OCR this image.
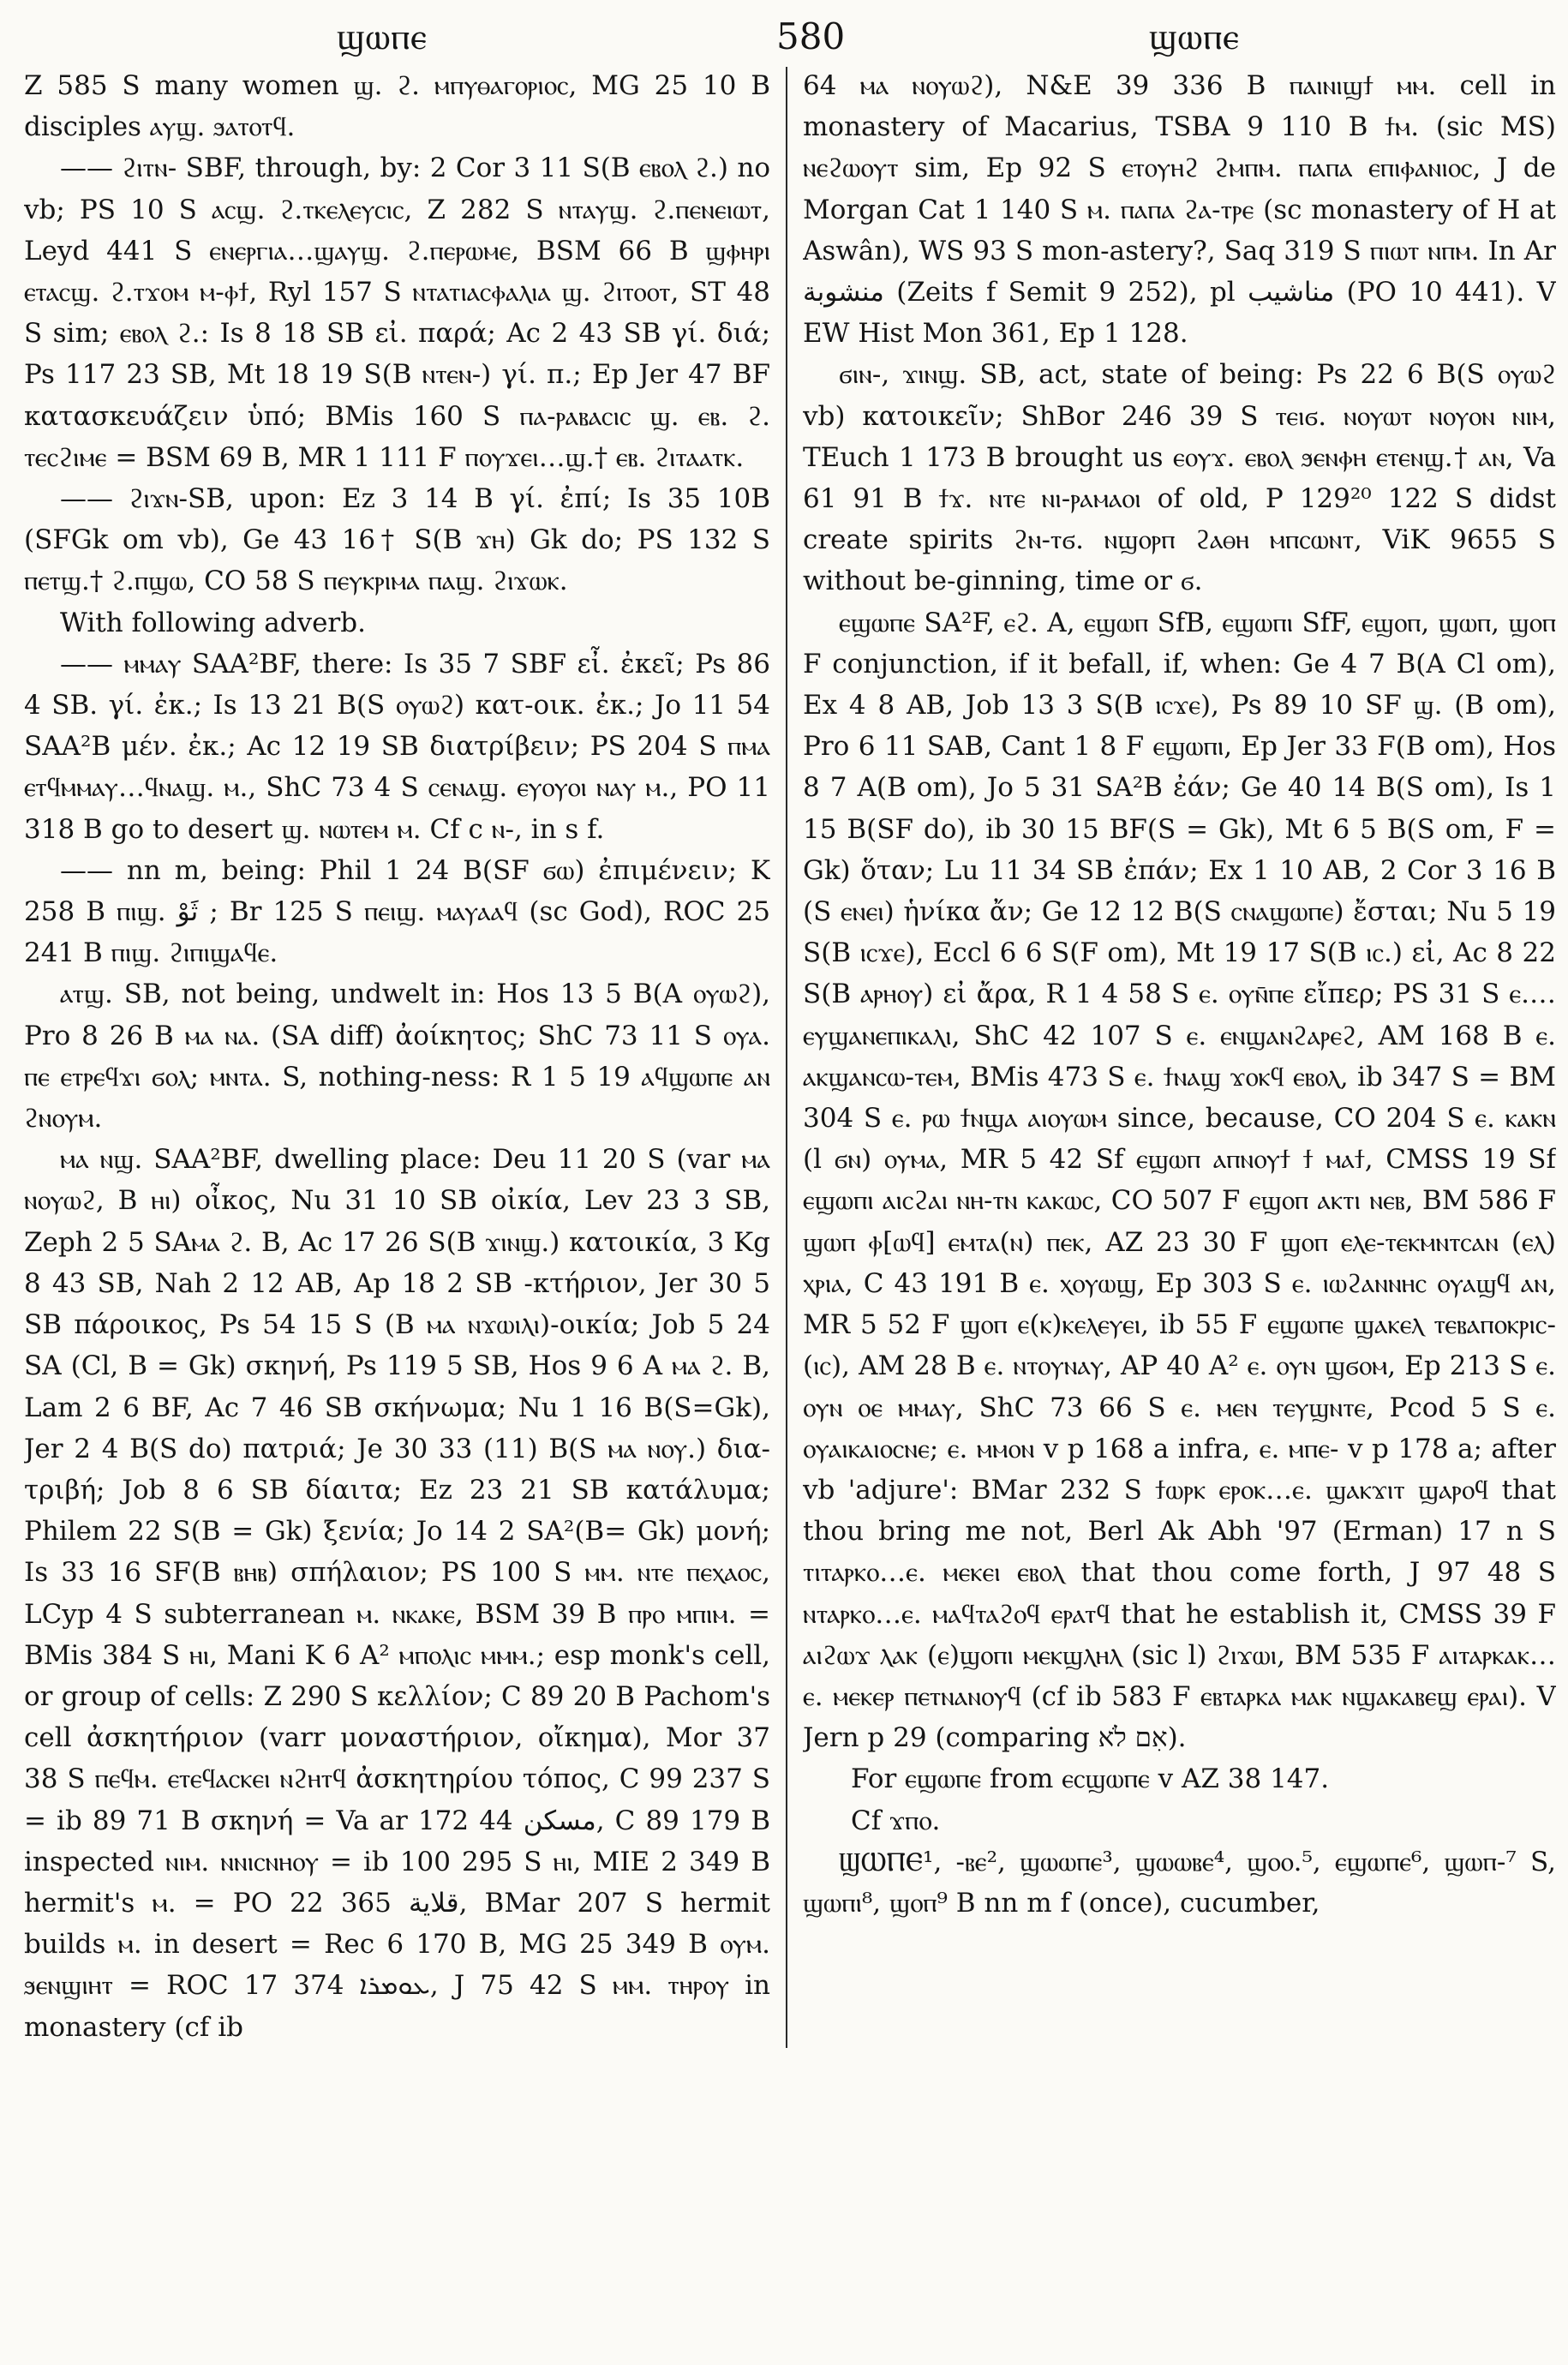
ϣⲱⲡⲉ	580	ϣⲱⲡⲉ

Z 585 S many women ϣ. ϩ. ⲙⲡⲩⲑⲁⲅⲟⲣⲓⲟⲥ, MG 25 10 B disciples ⲁⲩϣ. ϧⲁⲧⲟⲧϥ.

—— ϩⲓⲧⲛ- SBF, through, by: 2 Cor 3 11 S(B ⲉⲃⲟⲗ ϩ.) no vb; PS 10 S ⲁⲥϣ. ϩ.ⲧⲕⲉⲗⲉⲩⲥⲓⲥ, Z 282 S ⲛⲧⲁⲩϣ. ϩ.ⲡⲉⲛⲉⲓⲱⲧ, Leyd 441 S ⲉⲛⲉⲣⲅⲓⲁ…ϣⲁⲩϣ. ϩ.ⲡⲉⲣⲱⲙⲉ, BSM 66 B ϣⲫⲏⲣⲓ ⲉⲧⲁⲥϣ. ϩ.ⲧϫⲟⲙ ⲙ-ⲫϯ, Ryl 157 S ⲛⲧⲁⲧⲓⲁⲥⲫⲁⲗⲓⲁ ϣ. ϩⲓⲧⲟⲟⲧ, ST 48 S sim; ⲉⲃⲟⲗ ϩ.: Is 8 18 SB εἰ. παρά; Ac 2 43 SB γί. διά; Ps 117 23 SB, Mt 18 19 S(B ⲛⲧⲉⲛ-) γί. π.; Ep Jer 47 BF κατασκευάζειν ὑπό; BMis 160 S ⲡⲁ-ⲣⲁⲃⲁⲥⲓⲥ ϣ. ⲉⲃ. ϩ. ⲧⲉⲥϩⲓⲙⲉ = BSM 69 B, MR 1 111 F ⲡⲟⲩϫⲉⲓ…ϣ.† ⲉⲃ. ϩⲓⲧⲁⲁⲧⲕ.

—— ϩⲓϫⲛ-SB, upon: Ez 3 14 B γί. ἐπί; Is 35 10B (SFGk om vb), Ge 43 16† S(B ϫⲏ) Gk do; PS 132 S ⲡⲉⲧϣ.† ϩ.ⲡϣⲱ, CO 58 S ⲡⲉⲩⲕⲣⲓⲙⲁ ⲡⲁϣ. ϩⲓϫⲱⲕ.

With following adverb.

—— ⲙⲙⲁⲩ SAA²BF, there: Is 35 7 SBF εἶ. ἐκεῖ; Ps 86 4 SB. γί. ἐκ.; Is 13 21 B(S ⲟⲩⲱϩ) κατ-οικ. ἐκ.; Jo 11 54 SAA²B μέν. ἐκ.; Ac 12 19 SB διατρίβειν; PS 204 S ⲡⲙⲁ ⲉⲧϥⲙⲙⲁⲩ…ϥⲛⲁϣ. ⲙ., ShC 73 4 S ⲥⲉⲛⲁϣ. ⲉⲩⲟⲩⲟⲓ ⲛⲁⲩ ⲙ., PO 11 318 B go to desert ϣ. ⲛⲱⲧⲉⲙ ⲙ. Cf c ⲛ-, in s f.

—— nn m, being: Phil 1 24 B(SF ϭⲱ) ἐπιμένειν; K 258 B ⲡⲓϣ. ثَوْ ; Br 125 S ⲡⲉⲓϣ. ⲙⲁⲩⲁⲁϥ (sc God), ROC 25 241 B ⲡⲓϣ. ϩⲓⲡⲓϣⲁϥⲉ.

ⲁⲧϣ. SB, not being, undwelt in: Hos 13 5 B(A ⲟⲩⲱϩ), Pro 8 26 B ⲙⲁ ⲛⲁ. (SA diff) ἀοίκητος; ShC 73 11 S ⲟⲩⲁ. ⲡⲉ ⲉⲧⲣⲉϥϫⲓ ϭⲟⲗ; ⲙⲛⲧⲁ. S, nothing-ness: R 1 5 19 ⲁϥϣⲱⲡⲉ ⲁⲛ ϩⲛⲟⲩⲙ.

ⲙⲁ ⲛϣ. SAA²BF, dwelling place: Deu 11 20 S (var ⲙⲁ ⲛⲟⲩⲱϩ, B ⲏⲓ) οἶκος, Nu 31 10 SB οἰκία, Lev 23 3 SB, Zeph 2 5 SAⲙⲁ ϩ. B, Ac 17 26 S(B ϫⲓⲛϣ.) κατοικία, 3 Kg 8 43 SB, Nah 2 12 AB, Ap 18 2 SB -κτήριον, Jer 30 5 SB πάροικος, Ps 54 15 S (B ⲙⲁ ⲛϫⲱⲓⲗⲓ)-οικία; Job 5 24 SA (Cl, B = Gk) σκηνή, Ps 119 5 SB, Hos 9 6 A ⲙⲁ ϩ. B, Lam 2 6 BF, Ac 7 46 SB σκήνωμα; Nu 1 16 B(S=Gk), Jer 2 4 B(S do) πατριά; Je 30 33 (11) B(S ⲙⲁ ⲛⲟⲩ.) δια-τριβή; Job 8 6 SB δίαιτα; Ez 23 21 SB κατάλυμα; Philem 22 S(B = Gk) ξενία; Jo 14 2 SA²(B= Gk) μονή; Is 33 16 SF(B ⲃⲏⲃ) σπήλαιον; PS 100 S ⲙⲙ. ⲛⲧⲉ ⲡⲉⲭⲁⲟⲥ, LCyp 4 S subterranean ⲙ. ⲛⲕⲁⲕⲉ, BSM 39 B ⲡⲣⲟ ⲙⲡⲓⲙ. = BMis 384 S ⲏⲓ, Mani K 6 A² ⲙⲡⲟⲗⲓⲥ ⲙⲙⲙ.; esp monk's cell, or group of cells: Z 290 S κελλίον; C 89 20 B Pachom's cell ἀσκητήριον (varr μοναστήριον, οἴκημα), Mor 37 38 S ⲡⲉϥⲙ. ⲉⲧⲉϥⲁⲥⲕⲉⲓ ⲛϩⲏⲧϥ ἀσκητηρίου τόπος, C 99 237 S = ib 89 71 B σκηνή = Va ar 172 44 مسكن, C 89 179 B inspected ⲛⲓⲙ. ⲛⲛⲓⲥⲛⲏⲟⲩ = ib 100 295 S ⲏⲓ, MIE 2 349 B hermit's ⲙ. = PO 22 365 قلاية, BMar 207 S hermit builds ⲙ. in desert = Rec 6 170 B, MG 25 349 B ⲟⲩⲙ. ϧⲉⲛϣⲓⲏⲧ = ROC 17 374 ܥܘܡܪܐ, J 75 42 S ⲙⲙ. ⲧⲏⲣⲟⲩ in monastery (cf ib

64 ⲙⲁ ⲛⲟⲩⲱϩ), N&E 39 336 B ⲡⲁⲓⲛⲓϣϯ ⲙⲙ. cell in monastery of Macarius, TSBA 9 110 B ϯⲙ. (sic MS) ⲛⲉϩⲱⲟⲩⲧ sim, Ep 92 S ⲉⲧⲟⲩⲏϩ ϩⲙⲡⲙ. ⲡⲁⲡⲁ ⲉⲡⲓⲫⲁⲛⲓⲟⲥ, J de Morgan Cat 1 140 S ⲙ. ⲡⲁⲡⲁ ϩⲁ-ⲧⲣⲉ (sc monastery of H at Aswân), WS 93 S mon-astery?, Saq 319 S ⲡⲓⲱⲧ ⲛⲡⲙ. In Ar منشوبة (Zeits f Semit 9 252), pl مناشيب (PO 10 441). V EW Hist Mon 361, Ep 1 128.

ϭⲓⲛ-, ϫⲓⲛϣ. SB, act, state of being: Ps 22 6 B(S ⲟⲩⲱϩ vb) κατοικεῖν; ShBor 246 39 S ⲧⲉⲓϭ. ⲛⲟⲩⲱⲧ ⲛⲟⲩⲟⲛ ⲛⲓⲙ, TEuch 1 173 B brought us ⲉⲟⲩϫ. ⲉⲃⲟⲗ ϧⲉⲛⲫⲏ ⲉⲧⲉⲛϣ.† ⲁⲛ, Va 61 91 B ϯϫ. ⲛⲧⲉ ⲛⲓ-ⲣⲁⲙⲁⲟⲓ of old, P 129²⁰ 122 S didst create spirits ϩⲛ-ⲧϭ. ⲛϣⲟⲣⲡ ϩⲁⲑⲏ ⲙⲡⲥⲱⲛⲧ, ViK 9655 S without be-ginning, time or ϭ.

ⲉϣⲱⲡⲉ SA²F, ⲉϩ. A, ⲉϣⲱⲡ SfB, ⲉϣⲱⲡⲓ SfF, ⲉϣⲟⲡ, ϣⲱⲡ, ϣⲟⲡ F conjunction, if it befall, if, when: Ge 4 7 B(A Cl om), Ex 4 8 AB, Job 13 3 S(B ⲓⲥϫⲉ), Ps 89 10 SF ϣ. (B om), Pro 6 11 SAB, Cant 1 8 F ⲉϣⲱⲡⲓ, Ep Jer 33 F(B om), Hos 8 7 A(B om), Jo 5 31 SA²B ἐάν; Ge 40 14 B(S om), Is 1 15 B(SF do), ib 30 15 BF(S = Gk), Mt 6 5 B(S om, F = Gk) ὅταν; Lu 11 34 SB ἐπάν; Ex 1 10 AB, 2 Cor 3 16 B (S ⲉⲛⲉⲓ) ἡνίκα ἄν; Ge 12 12 B(S ⲥⲛⲁϣⲱⲡⲉ) ἔσται; Nu 5 19 S(B ⲓⲥϫⲉ), Eccl 6 6 S(F om), Mt 19 17 S(B ⲓⲥ.) εἰ, Ac 8 22 S(B ⲁⲣⲏⲟⲩ) εἰ ἄρα, R 1 4 58 S ⲉ. ⲟⲩⲛ̄ⲡⲉ εἴπερ; PS 31 S ⲉ.… ⲉⲩϣⲁⲛⲉⲡⲓⲕⲁⲗⲓ, ShC 42 107 S ⲉ. ⲉⲛϣⲁⲛϩⲁⲣⲉϩ, AM 168 B ⲉ. ⲁⲕϣⲁⲛⲥⲱ-ⲧⲉⲙ, BMis 473 S ⲉ. ϯⲛⲁϣ ϫⲟⲕϥ ⲉⲃⲟⲗ, ib 347 S = BM 304 S ⲉ. ⲣⲱ ϯⲛϣⲁ ⲁⲓⲟⲩⲱⲙ since, because, CO 204 S ⲉ. ⲕⲁⲕⲛ (l ϭⲛ) ⲟⲩⲙⲁ, MR 5 42 Sf ⲉϣⲱⲡ ⲁⲡⲛⲟⲩϯ ϯ ⲙⲁϯ, CMSS 19 Sf ⲉϣⲱⲡⲓ ⲁⲓⲥϩⲁⲓ ⲛⲏ-ⲧⲛ ⲕⲁⲕⲱⲥ, CO 507 F ⲉϣⲟⲡ ⲁⲕⲧⲓ ⲛⲉⲃ, BM 586 F ϣⲱⲡ ⲫ[ⲱϥ] ⲉⲙⲧⲁ(ⲛ) ⲡⲉⲕ, AZ 23 30 F ϣⲟⲡ ⲉⲗⲉ-ⲧⲉⲕⲙⲛⲧⲥⲁⲛ (ⲉⲗ) ⲭⲣⲓⲁ, C 43 191 B ⲉ. ⲭⲟⲩⲱϣ, Ep 303 S ⲉ. ⲓⲱϩⲁⲛⲛⲏⲥ ⲟⲩⲁϣϥ ⲁⲛ, MR 5 52 F ϣⲟⲡ ⲉ(ⲕ)ⲕⲉⲗⲉⲩⲉⲓ, ib 55 F ⲉϣⲱⲡⲉ ϣⲁⲕⲉⲗ ⲧⲉⲃⲁⲡⲟⲕⲣⲓⲥ-(ⲓⲥ), AM 28 B ⲉ. ⲛⲧⲟⲩⲛⲁⲩ, AP 40 A² ⲉ. ⲟⲩⲛ ϣϭⲟⲙ, Ep 213 S ⲉ. ⲟⲩⲛ ⲟⲉ ⲙⲙⲁⲩ, ShC 73 66 S ⲉ. ⲙⲉⲛ ⲧⲉⲩϣⲛⲧⲉ, Pcod 5 S ⲉ. ⲟⲩⲁⲓⲕⲁⲓⲟⲥⲛⲉ; ⲉ. ⲙⲙⲟⲛ v p 168 a infra, ⲉ. ⲙⲡⲉ- v p 178 a; after vb 'adjure': BMar 232 S ϯⲱⲣⲕ ⲉⲣⲟⲕ…ⲉ. ϣⲁⲕϫⲓⲧ ϣⲁⲣⲟϥ that thou bring me not, Berl Ak Abh '97 (Erman) 17 n S ⲧⲓⲧⲁⲣⲕⲟ…ⲉ. ⲙⲉⲕⲉⲓ ⲉⲃⲟⲗ that thou come forth, J 97 48 S ⲛⲧⲁⲣⲕⲟ…ⲉ. ⲙⲁϥⲧⲁϩⲟϥ ⲉⲣⲁⲧϥ that he establish it, CMSS 39 F ⲁⲓϩⲱϫ ⲗⲁⲕ (ⲉ)ϣⲟⲡⲓ ⲙⲉⲕϣⲗⲏⲗ (sic l) ϩⲓϫⲱⲓ, BM 535 F ⲁⲓⲧⲁⲣⲕⲁⲕ…ⲉ. ⲙⲉⲕⲉⲣ ⲡⲉⲧⲛⲁⲛⲟⲩϥ (cf ib 583 F ⲉⲃⲧⲁⲣⲕⲁ ⲙⲁⲕ ⲛϣⲁⲕⲁⲃⲉϣ ⲉⲣⲁⲓ). V Jern p 29 (comparing אִם לֹא).

For ⲉϣⲱⲡⲉ from ⲉⲥϣⲱⲡⲉ v AZ 38 147.

Cf ϫⲡⲟ.

ϢⲰⲠⲈ¹, -ⲃⲉ², ϣⲱⲱⲡⲉ³, ϣⲱⲱⲃⲉ⁴, ϣⲟⲟ.⁵, ⲉϣⲱⲡⲉ⁶, ϣⲱⲡ-⁷ S, ϣⲱⲡⲓ⁸, ϣⲟⲡ⁹ B nn m f (once), cucumber,
